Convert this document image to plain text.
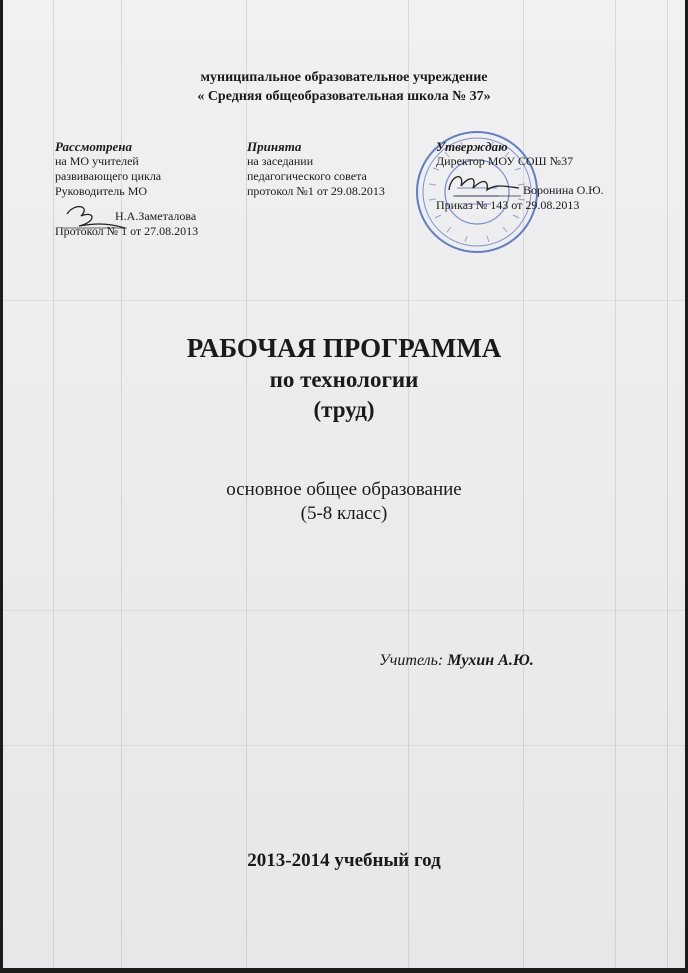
муниципальное образовательное учреждение
« Средняя общеобразовательная школа № 37»
Рассмотрена
на МО учителей
развивающего цикла
Руководитель МО
Н.А.Заметалова
Протокол № 1 от 27.08.2013
Принята
на заседании
педагогического совета
протокол №1 от 29.08.2013
Утверждаю
Директор МОУ СОШ №37
Воронина О.Ю.
Приказ № 143 от 29.08.2013
РАБОЧАЯ ПРОГРАММА
по технологии
(труд)
основное общее образование
(5-8 класс)
Учитель: Мухин А.Ю.
2013-2014 учебный год
